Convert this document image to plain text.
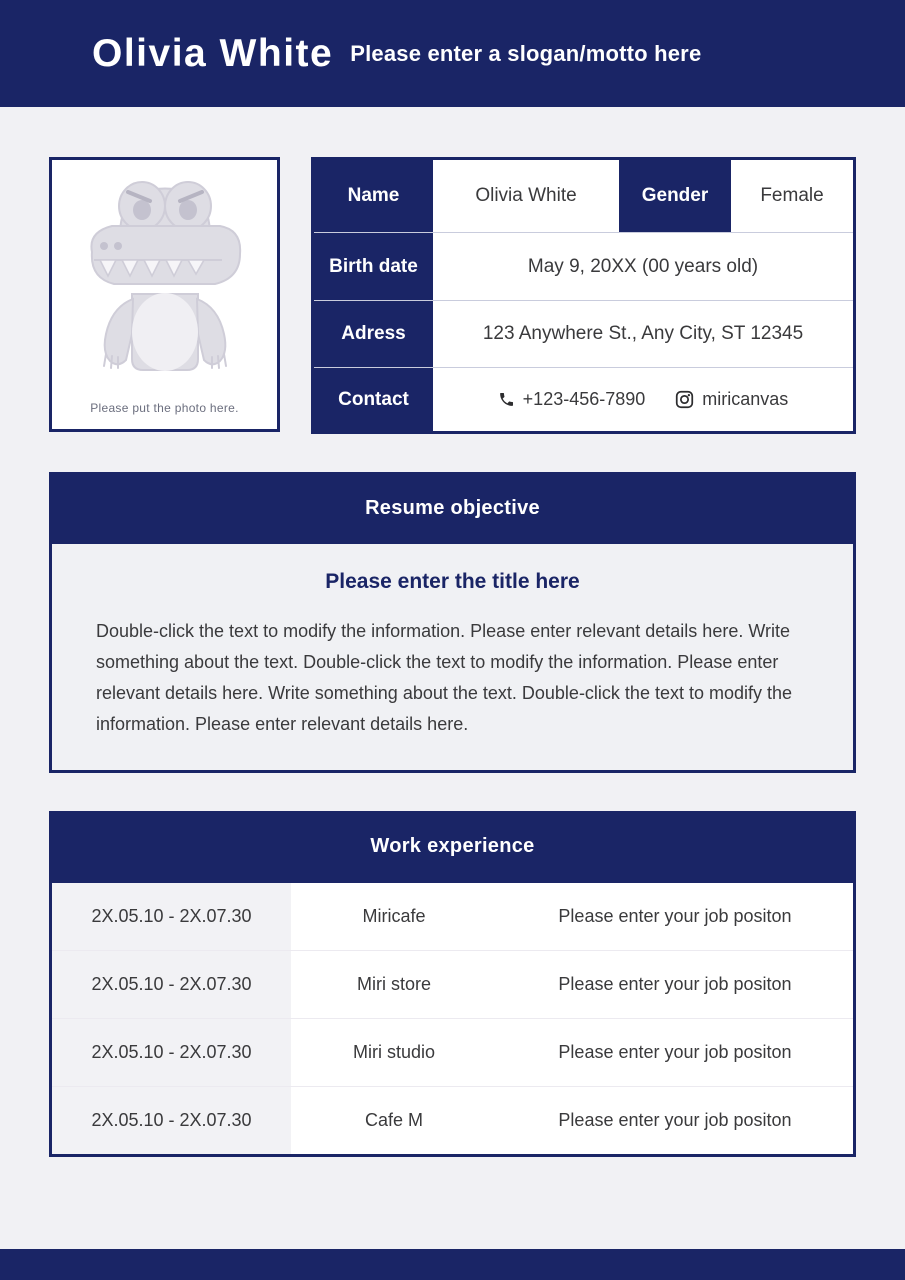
Olivia White Please enter a slogan/motto here
Please put the photo here.
Name	Olivia White	Gender	Female
Birth date	May 9, 20XX (00 years old)
Adress	123 Anywhere St., Any City, ST 12345
Contact	+123-456-7890	miricanvas
Resume objective
Please enter the title here
Double-click the text to modify the information. Please enter relevant details here. Write something about the text. Double-click the text to modify the information. Please enter relevant details here. Write something about the text. Double-click the text to modify the information. Please enter relevant details here.
Work experience
2X.05.10 - 2X.07.30	Miricafe	Please enter your job positon
2X.05.10 - 2X.07.30	Miri store	Please enter your job positon
2X.05.10 - 2X.07.30	Miri studio	Please enter your job positon
2X.05.10 - 2X.07.30	Cafe M	Please enter your job positon
